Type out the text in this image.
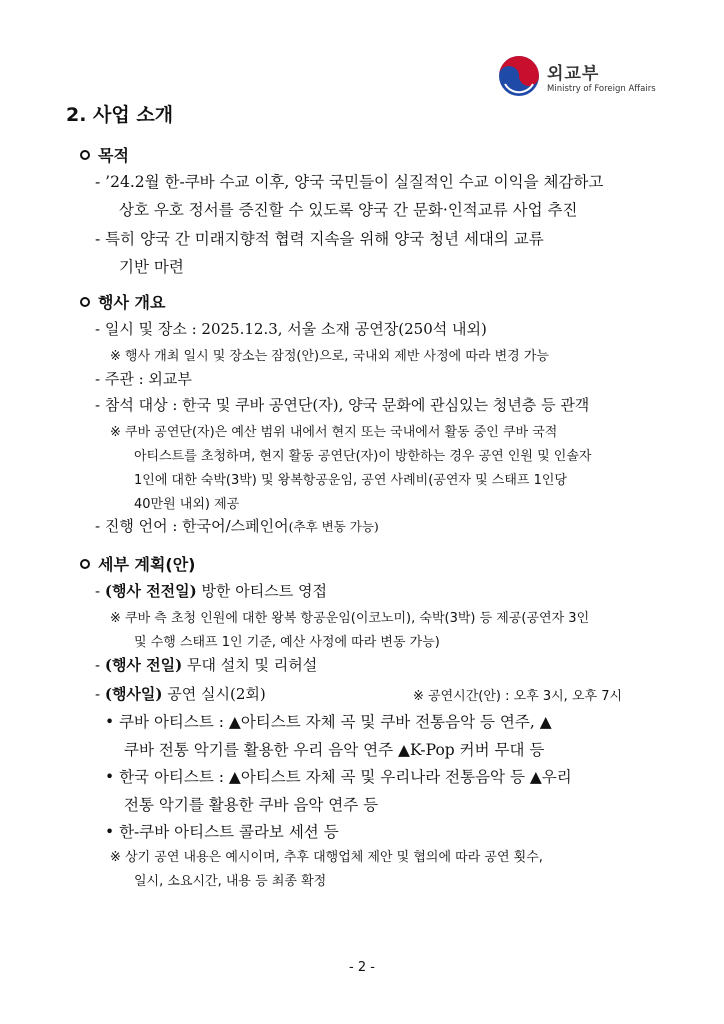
외교부
Ministry of Foreign Affairs
2. 사업 소개
목적
- ’24.2월 한-쿠바 수교 이후, 양국 국민들이 실질적인 수교 이익을 체감하고
상호 우호 정서를 증진할 수 있도록 양국 간 문화·인적교류 사업 추진
- 특히 양국 간 미래지향적 협력 지속을 위해 양국 청년 세대의 교류
기반 마련
행사 개요
- 일시 및 장소 : 2025.12.3, 서울 소재 공연장(250석 내외)
※ 행사 개최 일시 및 장소는 잠정(안)으로, 국내외 제반 사정에 따라 변경 가능
- 주관 : 외교부
- 참석 대상 : 한국 및 쿠바 공연단(자), 양국 문화에 관심있는 청년층 등 관객
※ 쿠바 공연단(자)은 예산 범위 내에서 현지 또는 국내에서 활동 중인 쿠바 국적
아티스트를 초청하며, 현지 활동 공연단(자)이 방한하는 경우 공연 인원 및 인솔자
1인에 대한 숙박(3박) 및 왕복항공운임, 공연 사례비(공연자 및 스태프 1인당
40만원 내외) 제공
- 진행 언어 : 한국어/스페인어(추후 변동 가능)
세부 계획(안)
- (행사 전전일) 방한 아티스트 영접
※ 쿠바 측 초청 인원에 대한 왕복 항공운임(이코노미), 숙박(3박) 등 제공(공연자 3인
및 수행 스태프 1인 기준, 예산 사정에 따라 변동 가능)
- (행사 전일) 무대 설치 및 리허설
- (행사일) 공연 실시(2회)	※ 공연시간(안) : 오후 3시, 오후 7시
• 쿠바 아티스트 : ▲아티스트 자체 곡 및 쿠바 전통음악 등 연주, ▲
쿠바 전통 악기를 활용한 우리 음악 연주 ▲K-Pop 커버 무대 등
• 한국 아티스트 : ▲아티스트 자체 곡 및 우리나라 전통음악 등 ▲우리
전통 악기를 활용한 쿠바 음악 연주 등
• 한-쿠바 아티스트 콜라보 세션 등
※ 상기 공연 내용은 예시이며, 추후 대행업체 제안 및 협의에 따라 공연 횟수,
일시, 소요시간, 내용 등 최종 확정
- 2 -
